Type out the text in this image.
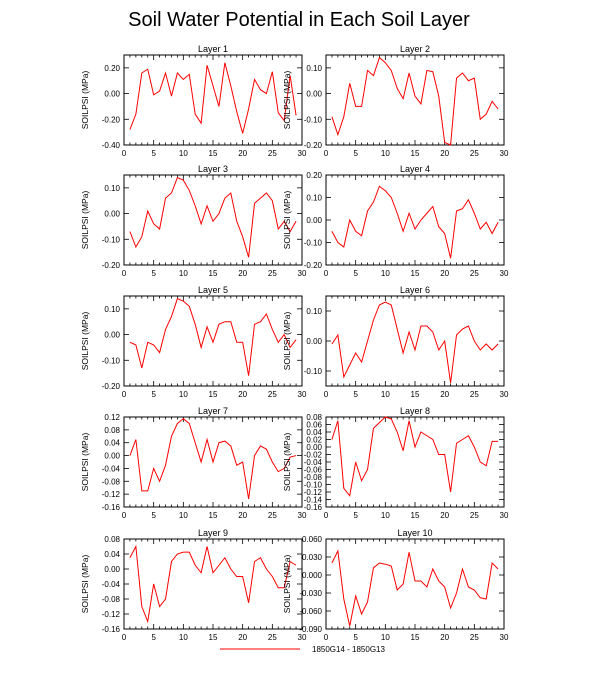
Soil Water Potential in Each Soil Layer
Layer 1
0	5	10	15	20	25	30
-0.40
-0.20
0.00
0.20
SOILPSI (MPa)
Layer 2
0	5	10	15	20	25	30
-0.20
-0.10
0.00
0.10
SOILPSI (MPa)
Layer 3
0	5	10	15	20	25	30
-0.20
-0.10
0.00
0.10
SOILPSI (MPa)
Layer 4
0	5	10	15	20	25	30
-0.20
-0.10
0.00
0.10
0.20
SOILPSI (MPa)
Layer 5
0	5	10	15	20	25	30
-0.20
-0.10
0.00
0.10
SOILPSI (MPa)
Layer 6
0	5	10	15	20	25	30
-0.10
0.00
0.10
SOILPSI (MPa)
Layer 7
0	5	10	15	20	25	30
-0.16
-0.12
-0.08
-0.04
0.00
0.04
0.08
0.12
SOILPSI (MPa)
Layer 8
0	5	10	15	20	25	30
-0.16
-0.14
-0.12
-0.10
-0.08
-0.06
-0.04
-0.02
0.00
0.02
0.04
0.06
0.08
SOILPSI (MPa)
Layer 9
0	5	10	15	20	25	30
-0.16
-0.12
-0.08
-0.04
0.00
0.04
0.08
SOILPSI (MPa)
Layer 10
0	5	10	15	20	25	30
-0.090
-0.060
-0.030
0.000
0.030
0.060
SOILPSI (MPa)
1850G14 - 1850G13
